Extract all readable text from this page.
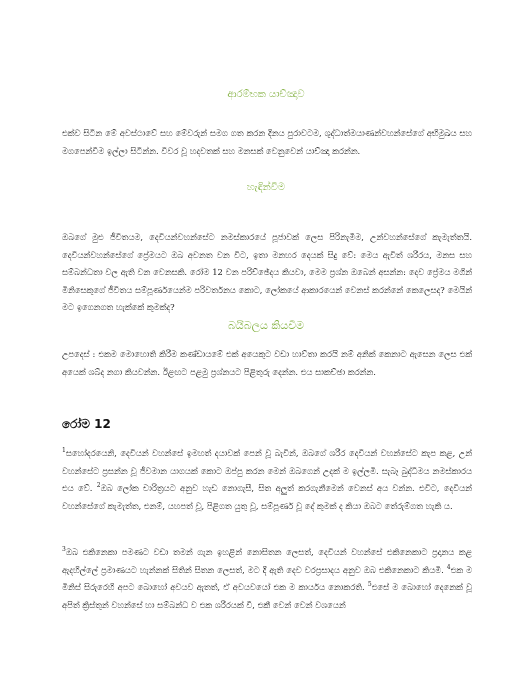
ආරම්භක යාච්ඤාව

එක්ව සිටින මේ අවස්ථාවේ සහ මේවරුන් සමග ගත කරන දිනය පුරාවටම, ශුද්ධාත්මයාණන්වහන්සේගේ අභිමුඛය සහ මගපෙන්වීම ඉල්ලා සිටින්න. විවර වූ හදවතක් සහ මනසක් වෙනුවෙන් යාච්ඤා කරන්න.

හැඳින්වීම

ඔබගේ මුළු ජීවිතයම, දෙවියන්වහන්සේට නමස්කාරයේ පූජාවක් ලෙස පිරිනැමීම, උන්වහන්සේගේ කැමැත්තයි. දෙවියන්වහන්සේගේ ප්‍රේමයට ඔබ අවනත වන විට, ඉතා මනහර දෙයක් සිදු වේ: මෙය ඇවිත් ශරීරය, මනස සහ සම්බන්ධතා වල ඇති වන වෙනසකි. රෝම 12 වන පරිච්ඡේදය කියවා, මෙම ප්‍රශ්න ඔබෙන් අසන්න: දෙව ප්‍රේමය මගින් මිනිසෙකුගේ ජීවිතය සම්පූර්ණයෙන්ම පරිවර්තනය කොට, ලෝකයේ ආකාරයෙන් වෙනස් කරන්නේ කෙලෙසද? මෙයින් මට ඉගෙනගත හැක්කේ කුමක්ද?

බයිබලය කියවීම

උපදෙස් : එකම මොහොති කිරීම කණ්ඩායමේ එක් අයෙකුට වඩා හාව්තා කරයි නම් අනික් කෙනාට ඇසෙන ලෙස එක් අයෙක් ශබ්ද නගා කියවන්න. ඊළඟට පළමු ප්‍රශ්නයට පිළිතුරු දෙන්න. එය සාකච්ඡා කරන්න.

රෝම 12

$^1$සහෝදරයෙනි, දෙවියන් වහන්සේ ඉමහත් දයාවක් පෙන් වූ බැවින්, ඔබගේ ශරීර දෙවියන් වහන්සේට කැප කළ, උන් වහන්සේට ප්‍රසන්න වූ ජීවමාන යාගයක් කොට ඔප්පු කරන මෙන් ඔබගෙන් උදක් ම ඉල්ලමි. සැබෑ බුද්ධිමය නමස්කාරය එය වේ. $^2$ඔබ ලෝක චාරිත්‍රයට අනුව හැඩ නොගැසී, සිත අලුත් කරගැනීමෙන් වෙනස් අය වන්න. එවිට, දෙවියන් වහන්සේගේ කැමැත්ත, එනම්, යහපත් වූ, පිළිගත යුතු වූ, සම්පූර්ණ වූ දේ කුමක් ද කියා ඔබට තේරුම්ගත හැකි ය.

$^3$ඔබ එකිනෙකා පමණට වඩා තමන් ගැන ඉහළින් නොසිතන ලෙසත්, දෙවියන් වහන්සේ එකිනෙකාට ප්‍රදානය කළ ඇදහිල්ලේ ප්‍රමාණයට හැන්නක් සිතින් සිතන ලෙසත්, මට දී ඇති දෙව වරප්‍රසාදය අනුව ඔබ එකිනෙකාට කියමි. $^4$එක ම මිනිස් සිරුරෙහි අපට බොහෝ අවයව ඇතත්, ඒ අවයවයෝ එක ම කාර්යය නොකරති. $^5$එසේ ම බොහෝ දෙනෙක් වූ අපිත් ක්‍රිස්තුන් වහන්සේ හා සම්බන්ධ ව එක ශරීරයක් වී, එකී වෙන් වෙන් වශයෙන්
